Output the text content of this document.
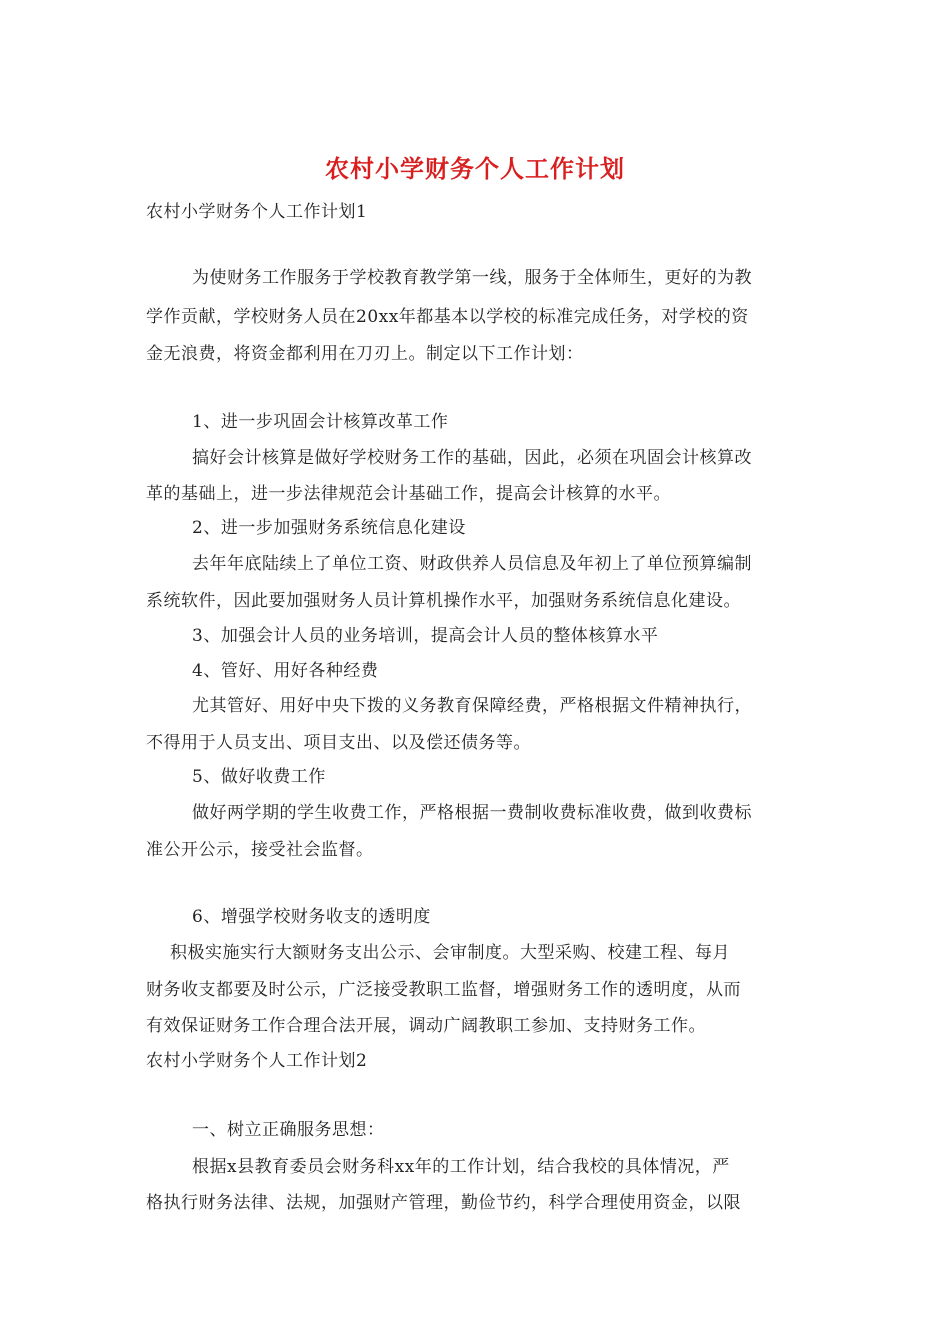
农村小学财务个人工作计划
农村小学财务个人工作计划1
为使财务工作服务于学校教育教学第一线，服务于全体师生，更好的为教
学作贡献，学校财务人员在20xx年都基本以学校的标准完成任务，对学校的资
金无浪费，将资金都利用在刀刃上。制定以下工作计划：
1、进一步巩固会计核算改革工作
搞好会计核算是做好学校财务工作的基础，因此，必须在巩固会计核算改
革的基础上，进一步法律规范会计基础工作，提高会计核算的水平。
2、进一步加强财务系统信息化建设
去年年底陆续上了单位工资、财政供养人员信息及年初上了单位预算编制
系统软件，因此要加强财务人员计算机操作水平，加强财务系统信息化建设。
3、加强会计人员的业务培训，提高会计人员的整体核算水平
4、管好、用好各种经费
尤其管好、用好中央下拨的义务教育保障经费，严格根据文件精神执行，
不得用于人员支出、项目支出、以及偿还债务等。
5、做好收费工作
做好两学期的学生收费工作，严格根据一费制收费标准收费，做到收费标
准公开公示，接受社会监督。
6、增强学校财务收支的透明度
积极实施实行大额财务支出公示、会审制度。大型采购、校建工程、每月
财务收支都要及时公示，广泛接受教职工监督，增强财务工作的透明度，从而
有效保证财务工作合理合法开展，调动广阔教职工参加、支持财务工作。
农村小学财务个人工作计划2
一、树立正确服务思想：
根据x县教育委员会财务科xx年的工作计划，结合我校的具体情况，严
格执行财务法律、法规，加强财产管理，勤俭节约，科学合理使用资金，以限
